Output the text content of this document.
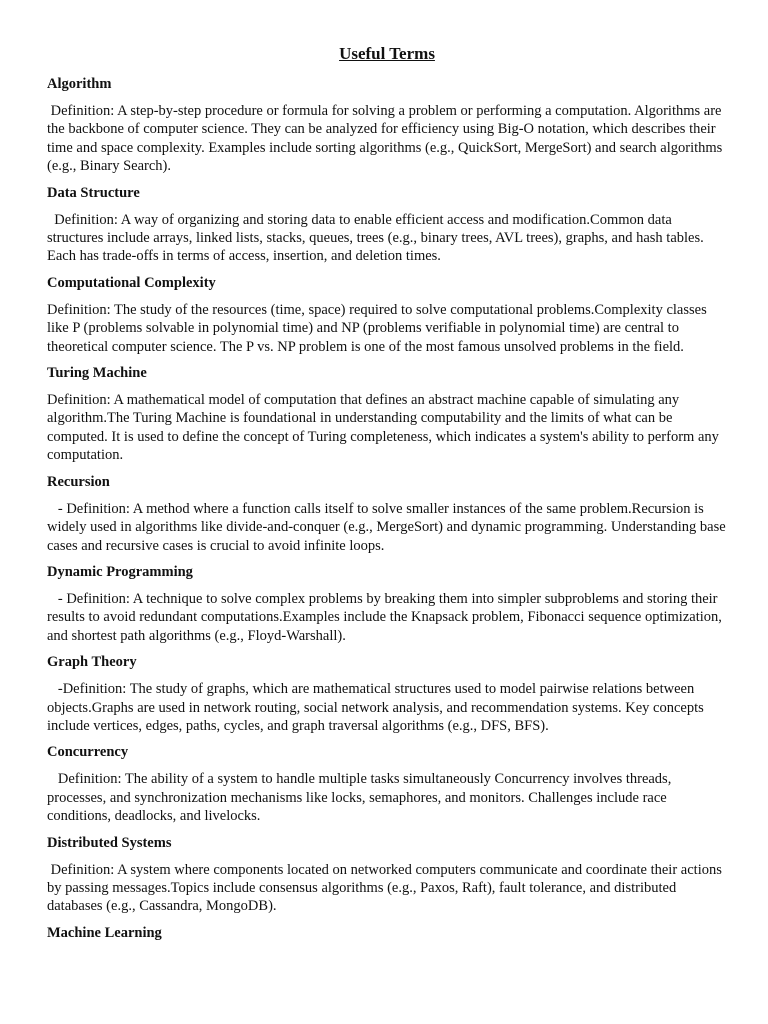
Useful Terms
Algorithm
Definition: A step-by-step procedure or formula for solving a problem or performing a computation. Algorithms are the backbone of computer science. They can be analyzed for efficiency using Big-O notation, which describes their time and space complexity. Examples include sorting algorithms (e.g., QuickSort, MergeSort) and search algorithms (e.g., Binary Search).
Data Structure
Definition: A way of organizing and storing data to enable efficient access and modification.Common data structures include arrays, linked lists, stacks, queues, trees (e.g., binary trees, AVL trees), graphs, and hash tables. Each has trade-offs in terms of access, insertion, and deletion times.
Computational Complexity
Definition: The study of the resources (time, space) required to solve computational problems.Complexity classes like P (problems solvable in polynomial time) and NP (problems verifiable in polynomial time) are central to theoretical computer science. The P vs. NP problem is one of the most famous unsolved problems in the field.
Turing Machine
Definition: A mathematical model of computation that defines an abstract machine capable of simulating any algorithm.The Turing Machine is foundational in understanding computability and the limits of what can be computed. It is used to define the concept of Turing completeness, which indicates a system's ability to perform any computation.
Recursion
- Definition: A method where a function calls itself to solve smaller instances of the same problem.Recursion is widely used in algorithms like divide-and-conquer (e.g., MergeSort) and dynamic programming. Understanding base cases and recursive cases is crucial to avoid infinite loops.
Dynamic Programming
- Definition: A technique to solve complex problems by breaking them into simpler subproblems and storing their results to avoid redundant computations.Examples include the Knapsack problem, Fibonacci sequence optimization, and shortest path algorithms (e.g., Floyd-Warshall).
Graph Theory
-Definition: The study of graphs, which are mathematical structures used to model pairwise relations between objects.Graphs are used in network routing, social network analysis, and recommendation systems. Key concepts include vertices, edges, paths, cycles, and graph traversal algorithms (e.g., DFS, BFS).
Concurrency
Definition: The ability of a system to handle multiple tasks simultaneously Concurrency involves threads, processes, and synchronization mechanisms like locks, semaphores, and monitors. Challenges include race conditions, deadlocks, and livelocks.
Distributed Systems
Definition: A system where components located on networked computers communicate and coordinate their actions by passing messages.Topics include consensus algorithms (e.g., Paxos, Raft), fault tolerance, and distributed databases (e.g., Cassandra, MongoDB).
Machine Learning
